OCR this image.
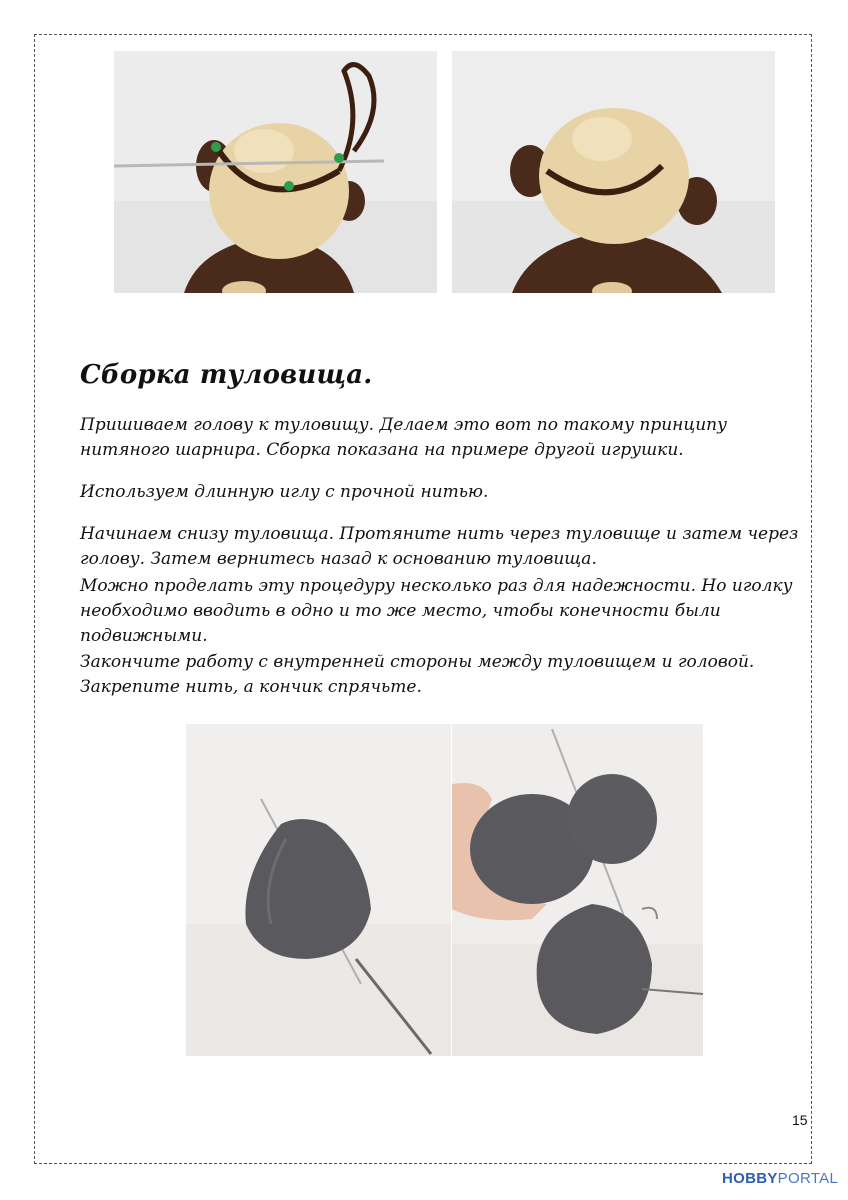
Сборка туловища.

Пришиваем голову к туловищу. Делаем это вот по такому принципу нитяного шарнира. Сборка показана на примере другой игрушки.

Используем длинную иглу с прочной нитью.

Начинаем снизу туловища. Протяните нить через туловище и затем через голову. Затем вернитесь назад к основанию туловища.

Можно проделать эту процедуру несколько раз для надежности. Но иголку необходимо вводить в одно и то же место, чтобы конечности были подвижными.

Закончите работу с внутренней стороны между туловищем и головой. Закрепите нить, а кончик спрячьте.

15
HOBBYPORTAL
